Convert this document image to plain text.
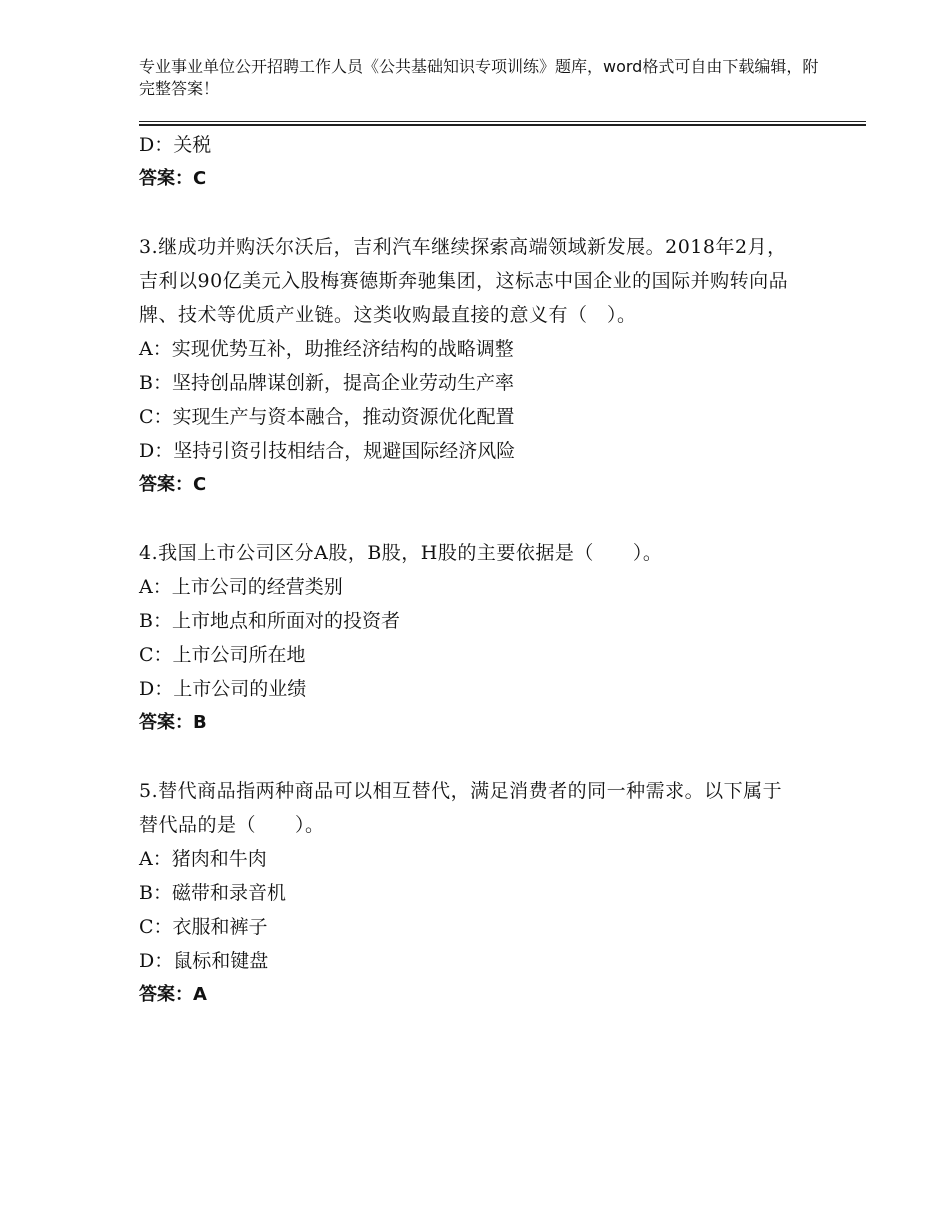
专业事业单位公开招聘工作人员《公共基础知识专项训练》题库，word格式可自由下载编辑，附完整答案！
D：关税
答案：C
3.继成功并购沃尔沃后，吉利汽车继续探索高端领域新发展。2018年2月，吉利以90亿美元入股梅赛德斯奔驰集团，这标志中国企业的国际并购转向品牌、技术等优质产业链。这类收购最直接的意义有（　）。
A：实现优势互补，助推经济结构的战略调整
B：坚持创品牌谋创新，提高企业劳动生产率
C：实现生产与资本融合，推动资源优化配置
D：坚持引资引技相结合，规避国际经济风险
答案：C
4.我国上市公司区分A股，B股，H股的主要依据是（　　）。
A：上市公司的经营类别
B：上市地点和所面对的投资者
C：上市公司所在地
D：上市公司的业绩
答案：B
5.替代商品指两种商品可以相互替代，满足消费者的同一种需求。以下属于替代品的是（　　）。
A：猪肉和牛肉
B：磁带和录音机
C：衣服和裤子
D：鼠标和键盘
答案：A
